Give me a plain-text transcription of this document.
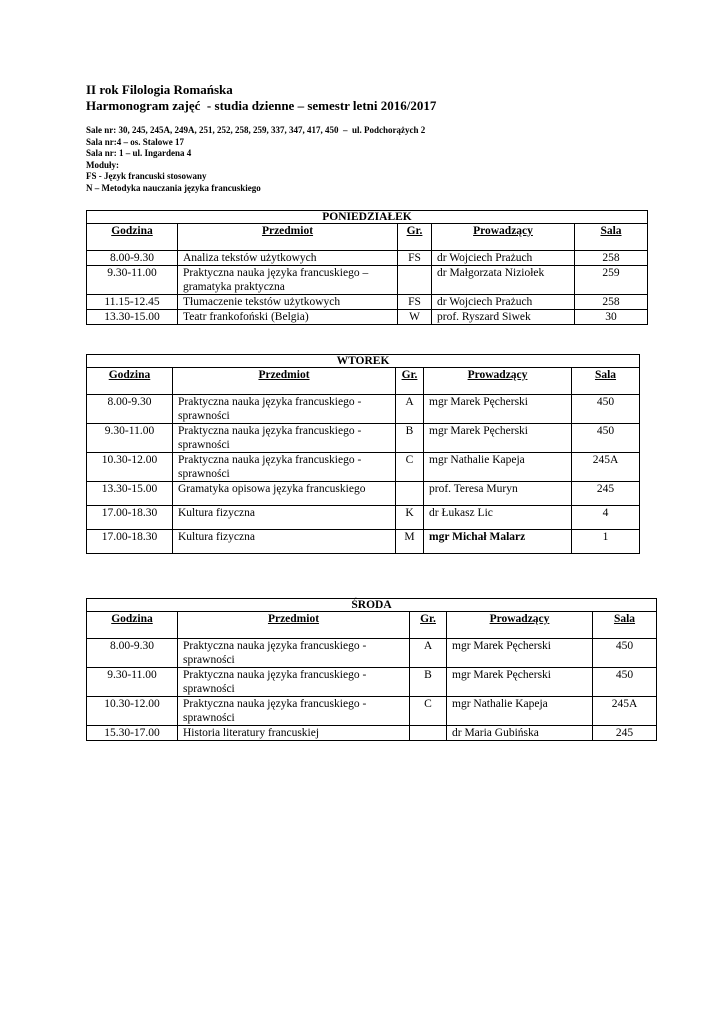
II rok Filologia Romańska
Harmonogram zajęć  - studia dzienne – semestr letni 2016/2017
Sale nr: 30, 245, 245A, 249A, 251, 252, 258, 259, 337, 347, 417, 450  –  ul. Podchorążych 2
Sala nr:4 – os. Stalowe 17
Sala nr: 1 – ul. Ingardena 4
Moduły:
FS - Język francuski stosowany
N – Metodyka nauczania języka francuskiego
PONIEDZIAŁEK				
Godzina	Przedmiot	Gr.	Prowadzący	Sala
8.00-9.30	Analiza tekstów użytkowych	FS	dr Wojciech Prażuch	258
9.30-11.00	Praktyczna nauka języka francuskiego – gramatyka praktyczna		dr Małgorzata Niziołek	259
11.15-12.45	Tłumaczenie tekstów użytkowych	FS	dr Wojciech Prażuch	258
13.30-15.00	Teatr frankofoński (Belgia)	W	prof. Ryszard Siwek	30
WTOREK				
Godzina	Przedmiot	Gr.	Prowadzący	Sala
8.00-9.30	Praktyczna nauka języka francuskiego - sprawności	A	mgr Marek Pęcherski	450
9.30-11.00	Praktyczna nauka języka francuskiego - sprawności	B	mgr Marek Pęcherski	450
10.30-12.00	Praktyczna nauka języka francuskiego - sprawności	C	mgr Nathalie Kapeja	245A
13.30-15.00	Gramatyka opisowa języka francuskiego		prof. Teresa Muryn	245
17.00-18.30	Kultura fizyczna	K	dr Łukasz Lic	4
17.00-18.30	Kultura fizyczna	M	mgr Michał Malarz	1
ŚRODA				
Godzina	Przedmiot	Gr.	Prowadzący	Sala
8.00-9.30	Praktyczna nauka języka francuskiego - sprawności	A	mgr Marek Pęcherski	450
9.30-11.00	Praktyczna nauka języka francuskiego - sprawności	B	mgr Marek Pęcherski	450
10.30-12.00	Praktyczna nauka języka francuskiego - sprawności	C	mgr Nathalie Kapeja	245A
15.30-17.00	Historia literatury francuskiej		dr Maria Gubińska	245
